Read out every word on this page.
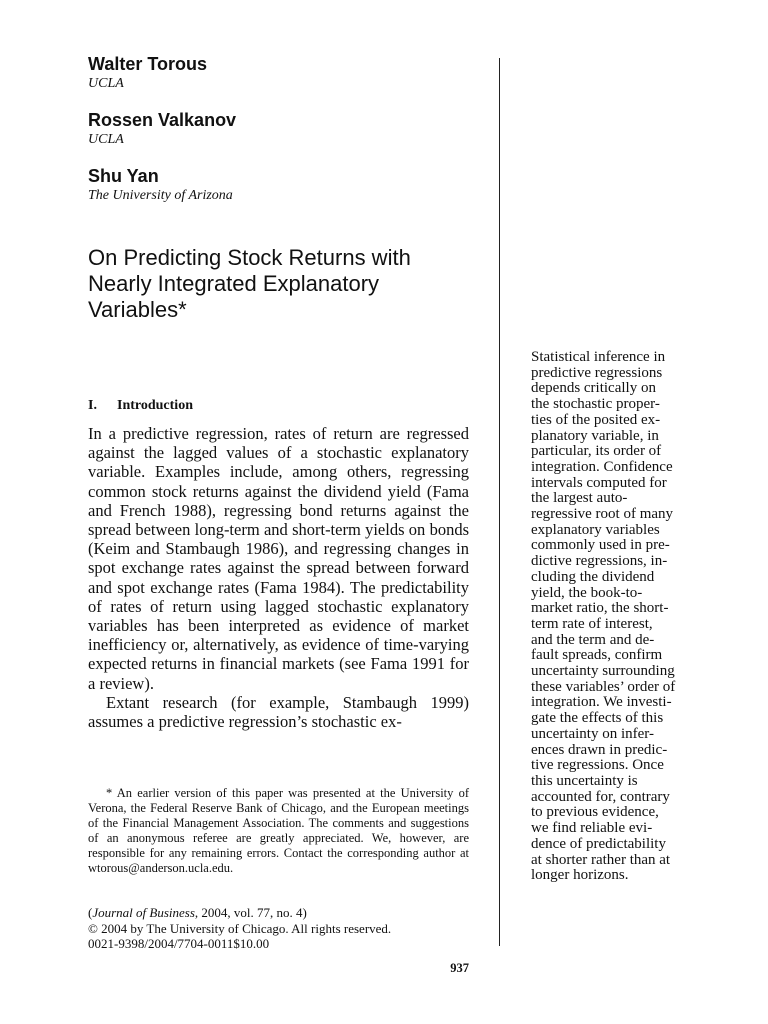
Walter Torous
UCLA
Rossen Valkanov
UCLA
Shu Yan
The University of Arizona
On Predicting Stock Returns with
Nearly Integrated Explanatory
Variables*
I. Introduction

In a predictive regression, rates of return are regressed against the lagged values of a stochastic explanatory variable. Examples include, among others, regressing common stock returns against the dividend yield (Fama and French 1988), regressing bond returns against the spread between long-term and short-term yields on bonds (Keim and Stambaugh 1986), and regressing changes in spot exchange rates against the spread between forward and spot exchange rates (Fama 1984). The predictability of rates of return using lagged stochastic explanatory variables has been interpreted as evidence of market inefficiency or, alternatively, as evidence of time-varying expected returns in financial markets (see Fama 1991 for a review).

Extant research (for example, Stambaugh 1999) assumes a predictive regression’s stochastic ex-

* An earlier version of this paper was presented at the University of Verona, the Federal Reserve Bank of Chicago, and the European meetings of the Financial Management Association. The comments and suggestions of an anonymous referee are greatly appreciated. We, however, are responsible for any remaining errors. Contact the corresponding author at wtorous@anderson.ucla.edu.
(Journal of Business, 2004, vol. 77, no. 4)
© 2004 by The University of Chicago. All rights reserved.
0021-9398/2004/7704-0011$10.00
937
Statistical inference in
predictive regressions
depends critically on
the stochastic proper-
ties of the posited ex-
planatory variable, in
particular, its order of
integration. Confidence
intervals computed for
the largest auto-
regressive root of many
explanatory variables
commonly used in pre-
dictive regressions, in-
cluding the dividend
yield, the book-to-
market ratio, the short-
term rate of interest,
and the term and de-
fault spreads, confirm
uncertainty surrounding
these variables’ order of
integration. We investi-
gate the effects of this
uncertainty on infer-
ences drawn in predic-
tive regressions. Once
this uncertainty is
accounted for, contrary
to previous evidence,
we find reliable evi-
dence of predictability
at shorter rather than at
longer horizons.
